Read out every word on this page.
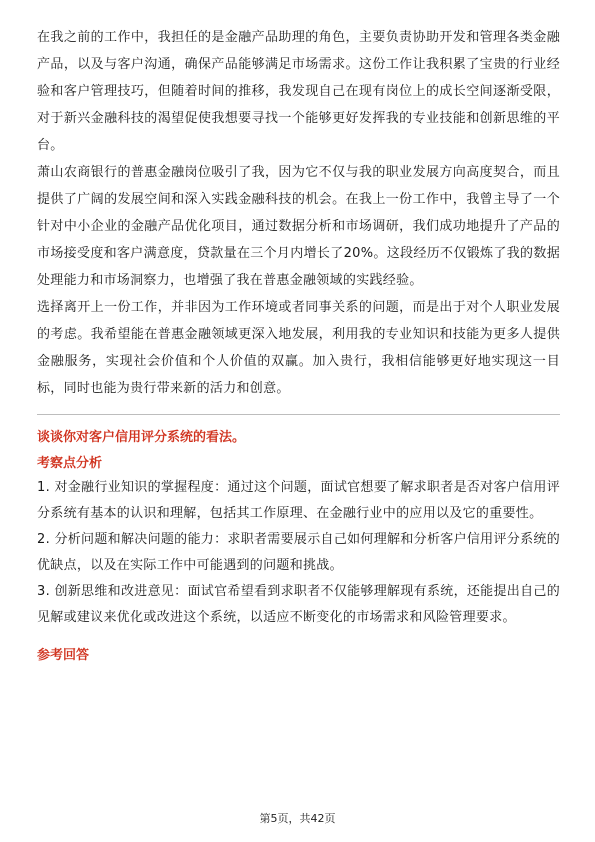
在我之前的工作中，我担任的是金融产品助理的角色，主要负责协助开发和管理各类金融产品，以及与客户沟通，确保产品能够满足市场需求。这份工作让我积累了宝贵的行业经验和客户管理技巧，但随着时间的推移，我发现自己在现有岗位上的成长空间逐渐受限，对于新兴金融科技的渴望促使我想要寻找一个能够更好发挥我的专业技能和创新思维的平台。

萧山农商银行的普惠金融岗位吸引了我，因为它不仅与我的职业发展方向高度契合，而且提供了广阔的发展空间和深入实践金融科技的机会。在我上一份工作中，我曾主导了一个针对中小企业的金融产品优化项目，通过数据分析和市场调研，我们成功地提升了产品的市场接受度和客户满意度，贷款量在三个月内增长了20%。这段经历不仅锻炼了我的数据处理能力和市场洞察力，也增强了我在普惠金融领域的实践经验。

选择离开上一份工作，并非因为工作环境或者同事关系的问题，而是出于对个人职业发展的考虑。我希望能在普惠金融领域更深入地发展，利用我的专业知识和技能为更多人提供金融服务，实现社会价值和个人价值的双赢。加入贵行，我相信能够更好地实现这一目标，同时也能为贵行带来新的活力和创意。

谈谈你对客户信用评分系统的看法。

考察点分析

1. 对金融行业知识的掌握程度：通过这个问题，面试官想要了解求职者是否对客户信用评分系统有基本的认识和理解，包括其工作原理、在金融行业中的应用以及它的重要性。

2. 分析问题和解决问题的能力：求职者需要展示自己如何理解和分析客户信用评分系统的优缺点，以及在实际工作中可能遇到的问题和挑战。

3. 创新思维和改进意见：面试官希望看到求职者不仅能够理解现有系统，还能提出自己的见解或建议来优化或改进这个系统，以适应不断变化的市场需求和风险管理要求。

参考回答

第5页，共42页
